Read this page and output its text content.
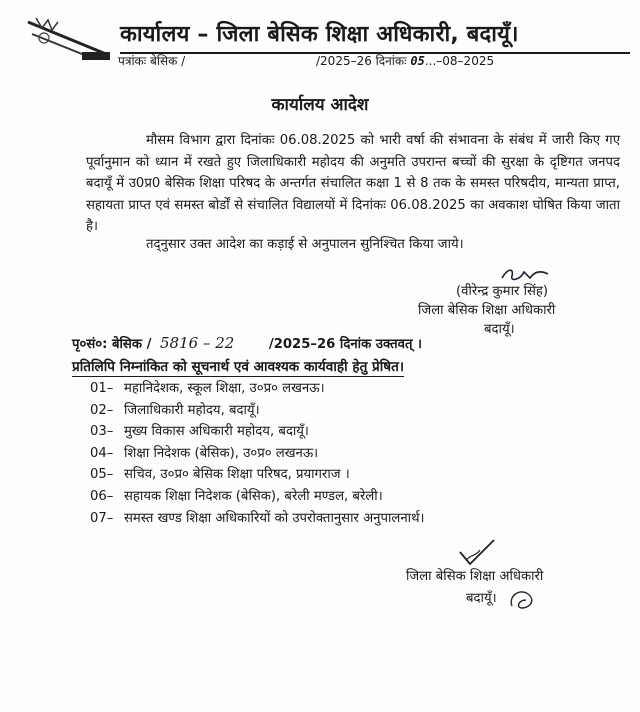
कार्यालय – जिला बेसिक शिक्षा अधिकारी, बदायूँ।
पत्रांकः बेसिक /	/2025–26 दिनांकः 05...–08–2025
कार्यालय आदेश
मौसम विभाग द्वारा दिनांकः 06.08.2025 को भारी वर्षा की संभावना के संबंध में जारी किए गए पूर्वानुमान को ध्यान में रखते हुए जिलाधिकारी महोदय की अनुमति उपरान्त बच्चों की सुरक्षा के दृष्टिगत जनपद बदायूँ में उ0प्र0 बेसिक शिक्षा परिषद के अन्तर्गत संचालित कक्षा 1 से 8 तक के समस्त परिषदीय, मान्यता प्राप्त, सहायता प्राप्त एवं समस्त बोर्डों से संचालित विद्यालयों में दिनांकः 06.08.2025 का अवकाश घोषित किया जाता है।
तद्नुसार उक्त आदेश का कड़ाई से अनुपालन सुनिश्चित किया जाये।
(वीरेन्द्र कुमार सिंह)
जिला बेसिक शिक्षा अधिकारी
बदायूँ।
पृ०सं०: बेसिक / 5816 – 22	/2025–26 दिनांक उक्तवत् ।
प्रतिलिपि निम्नांकित को सूचनार्थ एवं आवश्यक कार्यवाही हेतु प्रेषित।
01– महानिदेशक, स्कूल शिक्षा, उ०प्र० लखनऊ।
02– जिलाधिकारी महोदय, बदायूँ।
03– मुख्य विकास अधिकारी महोदय, बदायूँ।
04– शिक्षा निदेशक (बेसिक), उ०प्र० लखनऊ।
05– सचिव, उ०प्र० बेसिक शिक्षा परिषद, प्रयागराज ।
06– सहायक शिक्षा निदेशक (बेसिक), बरेली मण्डल, बरेली।
07– समस्त खण्ड शिक्षा अधिकारियों को उपरोक्तानुसार अनुपालनार्थ।
जिला बेसिक शिक्षा अधिकारी
बदायूँ।
